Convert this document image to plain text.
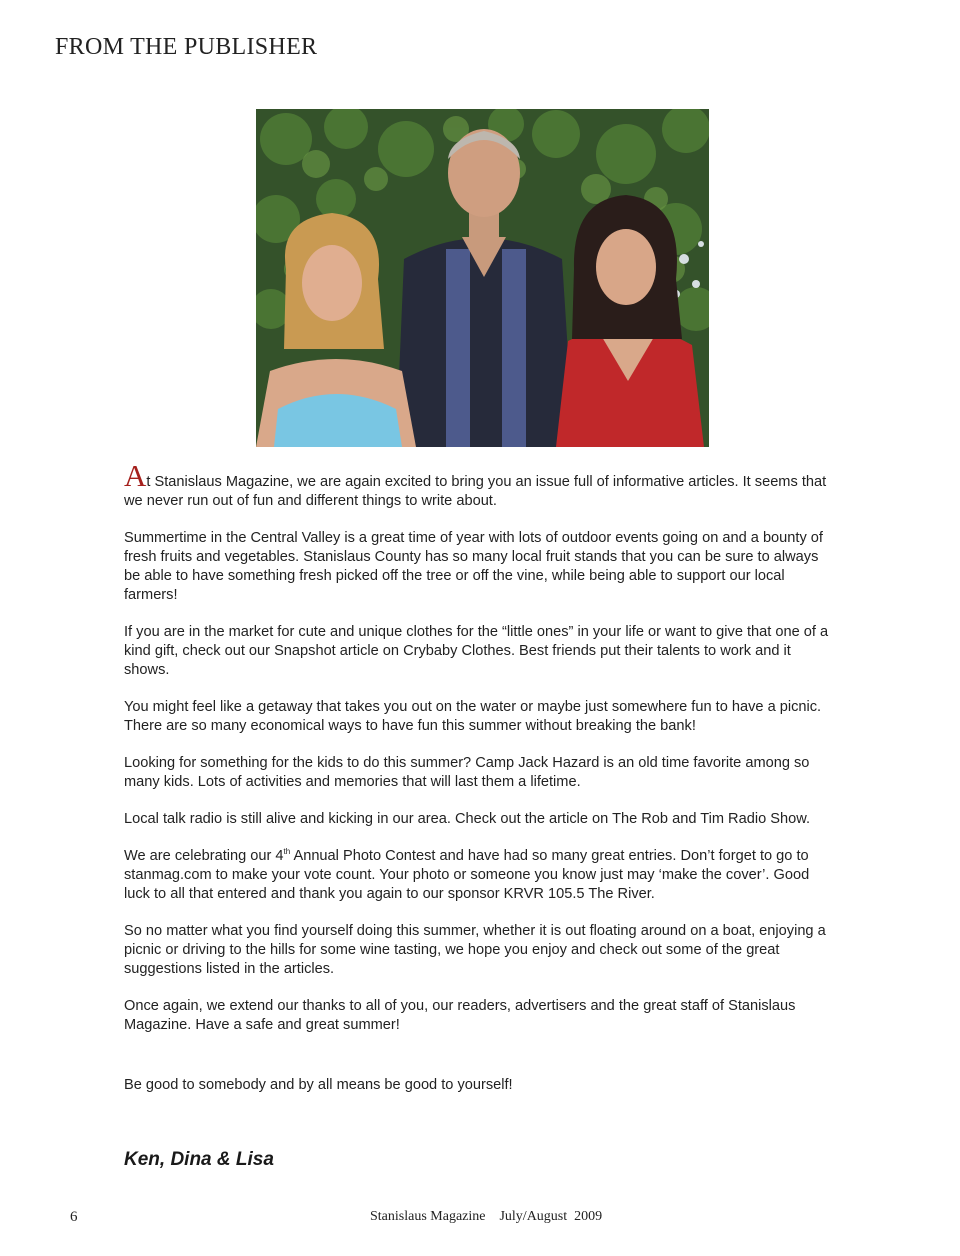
FROM THE PUBLISHER

At Stanislaus Magazine, we are again excited to bring you an issue full of informative articles. It seems that we never run out of fun and different things to write about.

Summertime in the Central Valley is a great time of year with lots of outdoor events going on and a bounty of fresh fruits and vegetables. Stanislaus County has so many local fruit stands that you can be sure to always be able to have something fresh picked off the tree or off the vine, while being able to support our local farmers!

If you are in the market for cute and unique clothes for the “little ones” in your life or want to give that one of a kind gift, check out our Snapshot article on Crybaby Clothes. Best friends put their talents to work and it shows.

You might feel like a getaway that takes you out on the water or maybe just somewhere fun to have a picnic. There are so many economical ways to have fun this summer without breaking the bank!

Looking for something for the kids to do this summer? Camp Jack Hazard is an old time favorite among so many kids. Lots of activities and memories that will last them a lifetime.

Local talk radio is still alive and kicking in our area. Check out the article on The Rob and Tim Radio Show.

We are celebrating our 4th Annual Photo Contest and have had so many great entries. Don’t forget to go to stanmag.com to make your vote count. Your photo or someone you know just may ‘make the cover’. Good luck to all that entered and thank you again to our sponsor KRVR 105.5 The River.

So no matter what you find yourself doing this summer, whether it is out floating around on a boat, enjoying a picnic or driving to the hills for some wine tasting, we hope you enjoy and check out some of the great suggestions listed in the articles.

Once again, we extend our thanks to all of you, our readers, advertisers and the great staff of Stanislaus Magazine. Have a safe and great summer!

Be good to somebody and by all means be good to yourself!

Ken, Dina & Lisa

6	Stanislaus Magazine    July/August  2009
